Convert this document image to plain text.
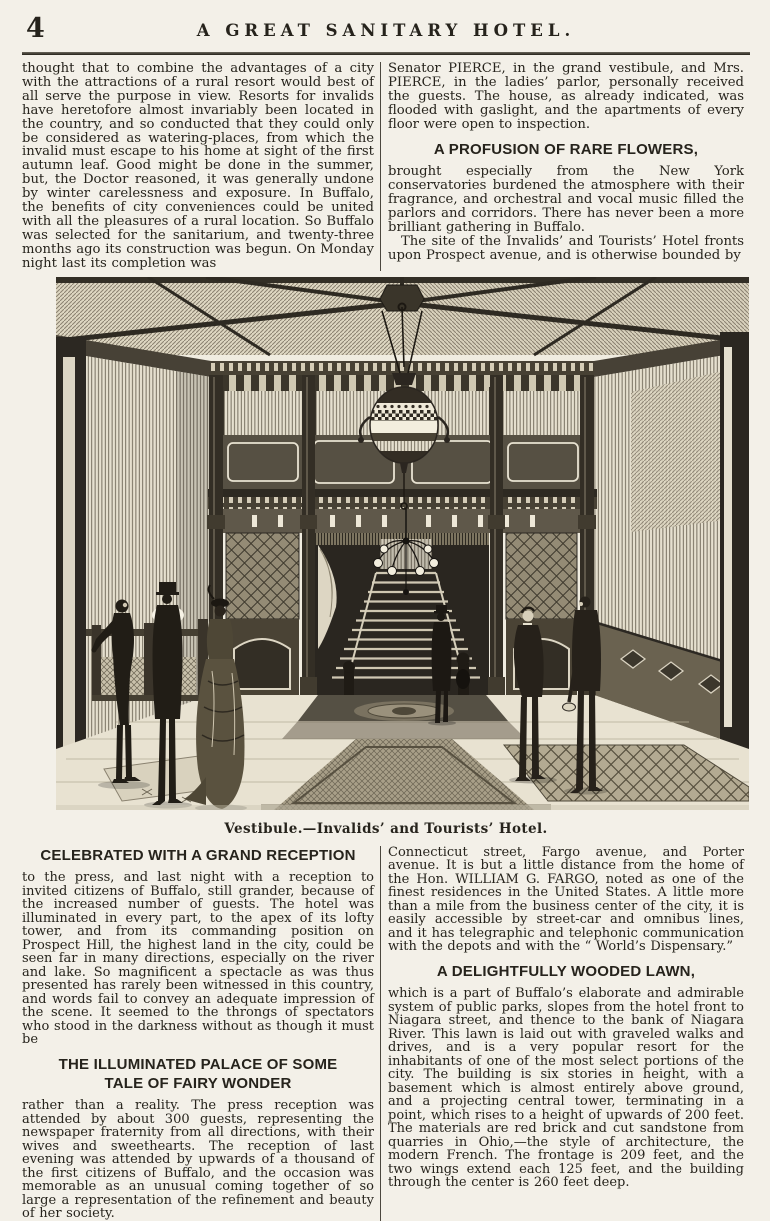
4	A GREAT SANITARY HOTEL.

thought that to combine the advantages of a city with the attractions of a rural resort would best of all serve the purpose in view. Resorts for invalids have heretofore almost invariably been located in the country, and so conducted that they could only be considered as watering-places, from which the invalid must escape to his home at sight of the first autumn leaf. Good might be done in the summer, but, the Doctor reasoned, it was generally undone by winter carelessness and exposure. In Buffalo, the benefits of city conveniences could be united with all the pleasures of a rural location. So Buffalo was selected for the sanitarium, and twenty-three months ago its construction was begun. On Monday night last its completion was

Senator PIERCE, in the grand vestibule, and Mrs. PIERCE, in the ladies’ parlor, personally received the guests. The house, as already indicated, was flooded with gaslight, and the apartments of every floor were open to inspection.

A PROFUSION OF RARE FLOWERS,

brought especially from the New York conservatories burdened the atmosphere with their fragrance, and orchestral and vocal music filled the parlors and corridors. There has never been a more brilliant gathering in Buffalo.

The site of the Invalids’ and Tourists’ Hotel fronts upon Prospect avenue, and is otherwise bounded by

Vestibule.—Invalids’ and Tourists’ Hotel.
CELEBRATED WITH A GRAND RECEPTION

to the press, and last night with a reception to invited citizens of Buffalo, still grander, because of the increased number of guests. The hotel was illuminated in every part, to the apex of its lofty tower, and from its commanding position on Prospect Hill, the highest land in the city, could be seen far in many directions, especially on the river and lake. So magnificent a spectacle as was thus presented has rarely been witnessed in this country, and words fail to convey an adequate impression of the scene. It seemed to the throngs of spectators who stood in the darkness without as though it must be

THE ILLUMINATED PALACE OF SOME
TALE OF FAIRY WONDER

rather than a reality. The press reception was attended by about 300 guests, representing the newspaper fraternity from all directions, with their wives and sweethearts. The reception of last evening was attended by upwards of a thousand of the first citizens of Buffalo, and the occasion was memorable as an unusual coming together of so large a representation of the refinement and beauty of her society.

Connecticut street, Fargo avenue, and Porter avenue. It is but a little distance from the home of the Hon. WILLIAM G. FARGO, noted as one of the finest residences in the United States. A little more than a mile from the business center of the city, it is easily accessible by street-car and omnibus lines, and it has telegraphic and telephonic communication with the depots and with the “ World’s Dispensary.”

A DELIGHTFULLY WOODED LAWN,

which is a part of Buffalo’s elaborate and admirable system of public parks, slopes from the hotel front to Niagara street, and thence to the bank of Niagara River. This lawn is laid out with graveled walks and drives, and is a very popular resort for the inhabitants of one of the most select portions of the city. The building is six stories in height, with a basement which is almost entirely above ground, and a projecting central tower, terminating in a point, which rises to a height of upwards of 200 feet. The materials are red brick and cut sandstone from quarries in Ohio,—the style of architecture, the modern French. The frontage is 209 feet, and the two wings extend each 125 feet, and the building through the center is 260 feet deep.
